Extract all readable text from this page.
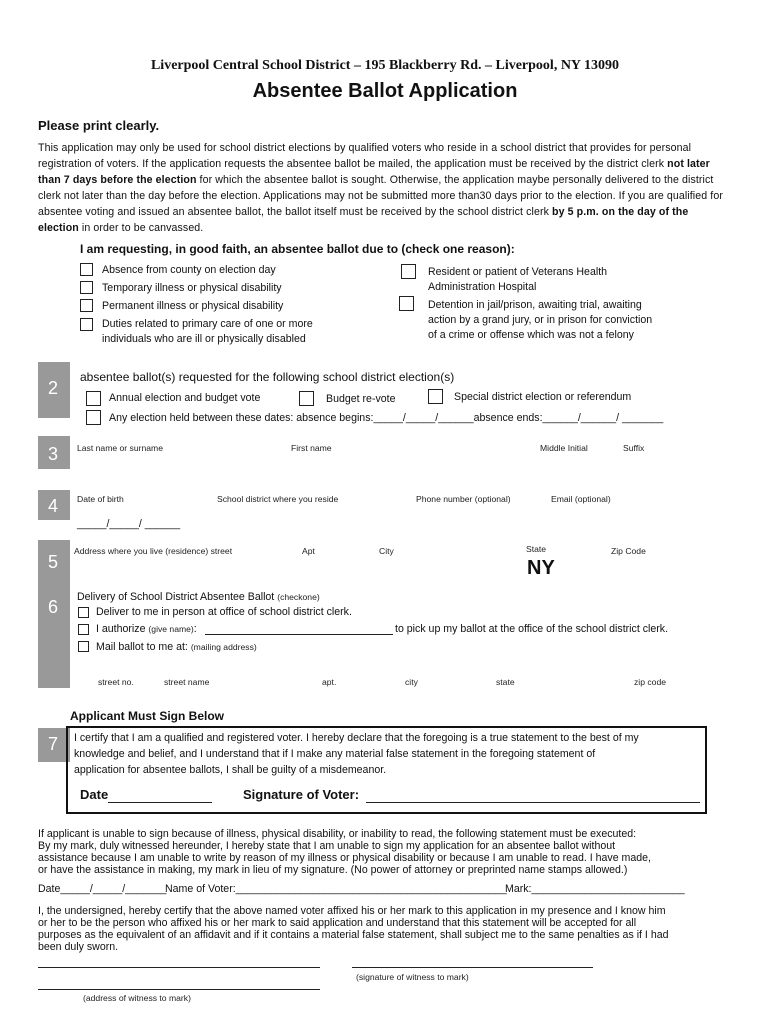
Liverpool Central School District – 195 Blackberry Rd. – Liverpool, NY 13090
Absentee Ballot Application
Please print clearly.
This application may only be used for school district elections by qualified voters who reside in a school district that provides for personal registration of voters. If the application requests the absentee ballot be mailed, the application must be received by the district clerk not later than 7 days before the election for which the absentee ballot is sought. Otherwise, the application maybe personally delivered to the district clerk not later than the day before the election. Applications may not be submitted more than30 days prior to the election. If you are qualified for absentee voting and issued an absentee ballot, the ballot itself must be received by the school district clerk by 5 p.m. on the day of the election in order to be canvassed.
I am requesting, in good faith, an absentee ballot due to (check one reason):
Absence from county on election day
Temporary illness or physical disability
Permanent illness or physical disability
Duties related to primary care of one or more
individuals who are ill or physically disabled
Resident or patient of Veterans Health
Administration Hospital
Detention in jail/prison, awaiting trial, awaiting
action by a grand jury, or in prison for conviction
of a crime or offense which was not a felony
2
3
4
5
6
7
absentee ballot(s) requested for the following school district election(s)
Annual election and budget vote	Budget re-vote	Special district election or referendum
Any election held between these dates: absence begins:_____/_____/______absence ends:______/______/ _______
Last name or surname	First name	Middle Initial	Suffix
Date of birth	School district where you reside	Phone number (optional)	Email (optional)
_____/_____/ ______
Address where you live (residence) street	Apt	City	State	Zip Code
NY
Delivery of School District Absentee Ballot (checkone)
Deliver to me in person at office of school district clerk.
I authorize (give name):	to pick up my ballot at the office of the school district clerk.
Mail ballot to me at: (mailing address)
street no.	street name	apt.	city	state	zip code
Applicant Must Sign Below
I certify that I am a qualified and registered voter. I hereby declare that the foregoing is a true statement to the best of my
knowledge and belief, and I understand that if I make any material false statement in the foregoing statement of
application for absentee ballots, I shall be guilty of a misdemeanor.
Date	Signature of Voter:
If applicant is unable to sign because of illness, physical disability, or inability to read, the following statement must be executed:
By my mark, duly witnessed hereunder, I hereby state that I am unable to sign my application for an absentee ballot without
assistance because I am unable to write by reason of my illness or physical disability or because I am unable to read. I have made,
or have the assistance in making, my mark in lieu of my signature. (No power of attorney or preprinted name stamps allowed.)
Date_____/_____/_______
Name of Voter:______________________________________________
Mark:__________________________
I, the undersigned, hereby certify that the above named voter affixed his or her mark to this application in my presence and I know him
or her to be the person who affixed his or her mark to said application and understand that this statement will be accepted for all
purposes as the equivalent of an affidavit and if it contains a material false statement, shall subject me to the same penalties as if I had
been duly sworn.
(signature of witness to mark)
(address of witness to mark)
